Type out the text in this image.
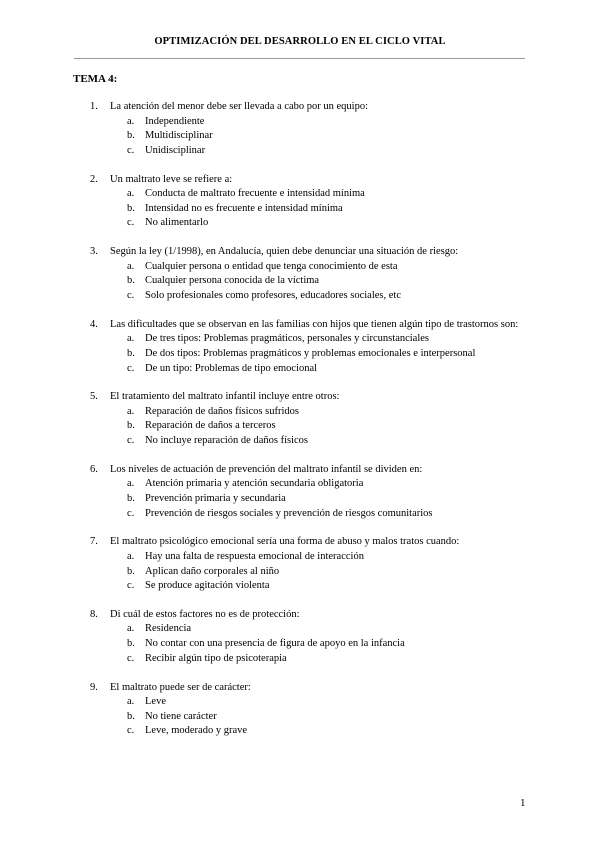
OPTIMIZACIÓN DEL DESARROLLO EN EL CICLO VITAL
TEMA 4:
1. La atención del menor debe ser llevada a cabo por un equipo:
a. Independiente
b. Multidisciplinar
c. Unidisciplinar
2. Un maltrato leve se refiere a:
a. Conducta de maltrato frecuente e intensidad mínima
b. Intensidad no es frecuente e intensidad mínima
c. No alimentarlo
3. Según la ley (1/1998), en Andalucía, quien debe denunciar una situación de riesgo:
a. Cualquier persona o entidad que tenga conocimiento de esta
b. Cualquier persona conocida de la víctima
c. Solo profesionales como profesores, educadores sociales, etc
4. Las dificultades que se observan en las familias con hijos que tienen algún tipo de trastornos son:
a. De tres tipos: Problemas pragmáticos, personales y circunstanciales
b. De dos tipos: Problemas pragmáticos y problemas emocionales e interpersonal
c. De un tipo: Problemas de tipo emocional
5. El tratamiento del maltrato infantil incluye entre otros:
a. Reparación de daños físicos sufridos
b. Reparación de daños a terceros
c. No incluye reparación de daños físicos
6. Los niveles de actuación de prevención del maltrato infantil se dividen en:
a. Atención primaria y atención secundaria obligatoria
b. Prevención primaria y secundaria
c. Prevención de riesgos sociales y prevención de riesgos comunitarios
7. El maltrato psicológico emocional sería una forma de abuso y malos tratos cuando:
a. Hay una falta de respuesta emocional de interacción
b. Aplican daño corporales al niño
c. Se produce agitación violenta
8. Di cuál de estos factores no es de protección:
a. Residencia
b. No contar con una presencia de figura de apoyo en la infancia
c. Recibir algún tipo de psicoterapia
9. El maltrato puede ser de carácter:
a. Leve
b. No tiene carácter
c. Leve, moderado y grave
1
